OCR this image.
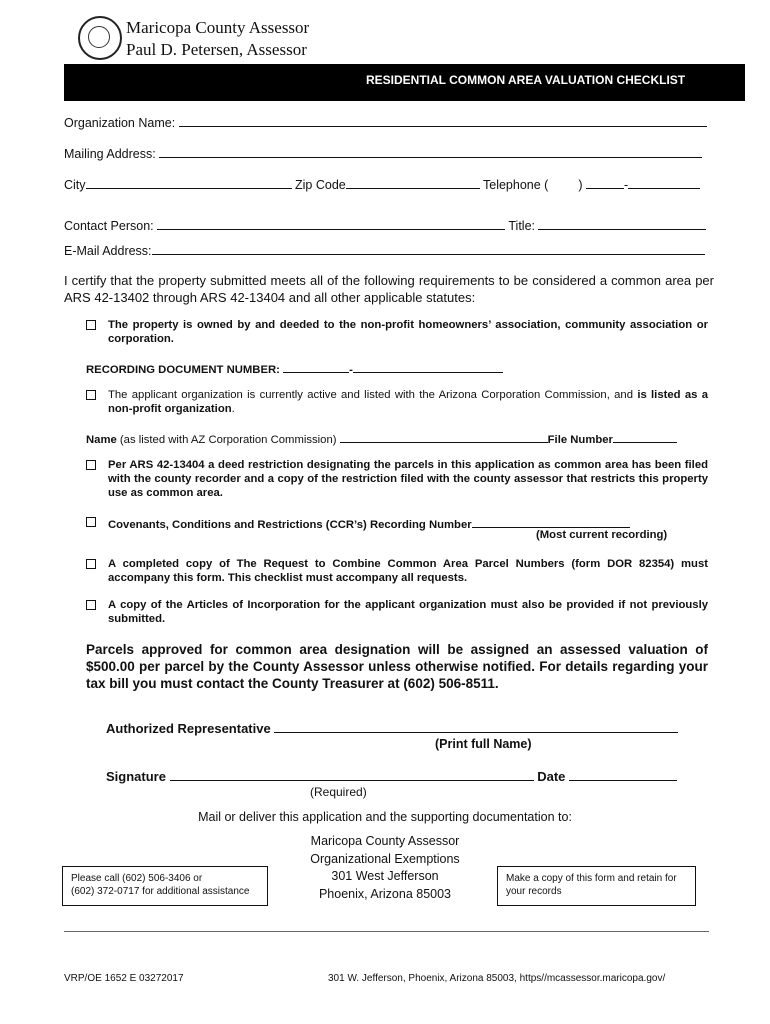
Maricopa County Assessor
Paul D. Petersen, Assessor
RESIDENTIAL COMMON AREA VALUATION CHECKLIST
Organization Name:
Mailing Address:
City	Zip Code	Telephone ( )	-
Contact Person:	Title:
E-Mail Address:
I certify that the property submitted meets all of the following requirements to be considered a common area per ARS 42-13402 through ARS 42-13404 and all other applicable statutes:
The property is owned by and deeded to the non-profit homeowners’ association, community association or corporation.
RECORDING DOCUMENT NUMBER:	-
The applicant organization is currently active and listed with the Arizona Corporation Commission, and is listed as a non-profit organization.
Name (as listed with AZ Corporation Commission)	File Number
Per ARS 42-13404 a deed restriction designating the parcels in this application as common area has been filed with the county recorder and a copy of the restriction filed with the county assessor that restricts this property use as common area.
Covenants, Conditions and Restrictions (CCR’s) Recording Number
(Most current recording)
A completed copy of The Request to Combine Common Area Parcel Numbers (form DOR 82354) must accompany this form. This checklist must accompany all requests.
A copy of the Articles of Incorporation for the applicant organization must also be provided if not previously submitted.
Parcels approved for common area designation will be assigned an assessed valuation of $500.00 per parcel by the County Assessor unless otherwise notified. For details regarding your tax bill you must contact the County Treasurer at (602) 506-8511.
Authorized Representative
(Print full Name)
Signature	Date
(Required)
Mail or deliver this application and the supporting documentation to:
Maricopa County Assessor
Organizational Exemptions
301 West Jefferson
Phoenix, Arizona 85003
Please call (602) 506-3406 or
(602) 372-0717 for additional assistance
Make a copy of this form and retain for
your records
VRP/OE 1652 E 03272017	301 W. Jefferson, Phoenix, Arizona 85003, https//mcassessor.maricopa.gov/
